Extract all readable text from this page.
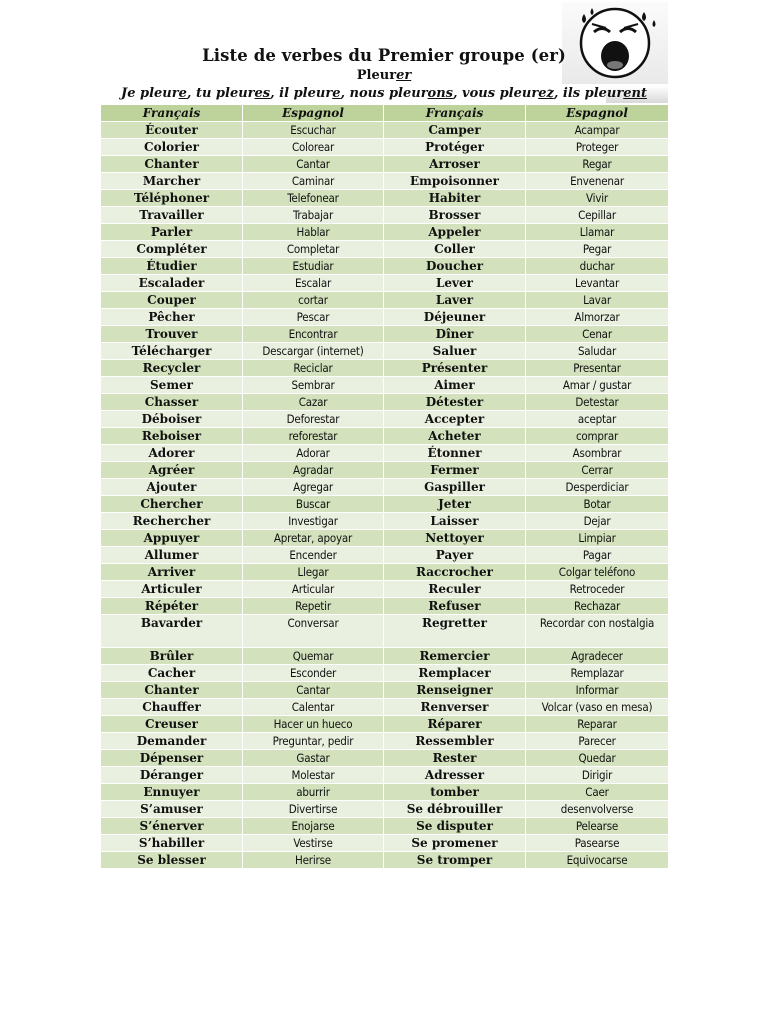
Liste de verbes du Premier groupe (er)
Pleurer
Je pleure, tu pleures, il pleure, nous pleurons, vous pleurez, ils pleurent
Français	Espagnol	Français	Espagnol
Écouter	Escuchar	Camper	Acampar
Colorier	Colorear	Protéger	Proteger
Chanter	Cantar	Arroser	Regar
Marcher	Caminar	Empoisonner	Envenenar
Téléphoner	Telefonear	Habiter	Vivir
Travailler	Trabajar	Brosser	Cepillar
Parler	Hablar	Appeler	Llamar
Compléter	Completar	Coller	Pegar
Étudier	Estudiar	Doucher	duchar
Escalader	Escalar	Lever	Levantar
Couper	cortar	Laver	Lavar
Pêcher	Pescar	Déjeuner	Almorzar
Trouver	Encontrar	Dîner	Cenar
Télécharger	Descargar (internet)	Saluer	Saludar
Recycler	Reciclar	Présenter	Presentar
Semer	Sembrar	Aimer	Amar / gustar
Chasser	Cazar	Détester	Detestar
Déboiser	Deforestar	Accepter	aceptar
Reboiser	reforestar	Acheter	comprar
Adorer	Adorar	Étonner	Asombrar
Agréer	Agradar	Fermer	Cerrar
Ajouter	Agregar	Gaspiller	Desperdiciar
Chercher	Buscar	Jeter	Botar
Rechercher	Investigar	Laisser	Dejar
Appuyer	Apretar, apoyar	Nettoyer	Limpiar
Allumer	Encender	Payer	Pagar
Arriver	Llegar	Raccrocher	Colgar teléfono
Articuler	Articular	Reculer	Retroceder
Répéter	Repetir	Refuser	Rechazar
Bavarder	Conversar	Regretter	Recordar con nostalgia
Brûler	Quemar	Remercier	Agradecer
Cacher	Esconder	Remplacer	Remplazar
Chanter	Cantar	Renseigner	Informar
Chauffer	Calentar	Renverser	Volcar (vaso en mesa)
Creuser	Hacer un hueco	Réparer	Reparar
Demander	Preguntar, pedir	Ressembler	Parecer
Dépenser	Gastar	Rester	Quedar
Déranger	Molestar	Adresser	Dirigir
Ennuyer	aburrir	tomber	Caer
S’amuser	Divertirse	Se débrouiller	desenvolverse
S’énerver	Enojarse	Se disputer	Pelearse
S’habiller	Vestirse	Se promener	Pasearse
Se blesser	Herirse	Se tromper	Equivocarse
